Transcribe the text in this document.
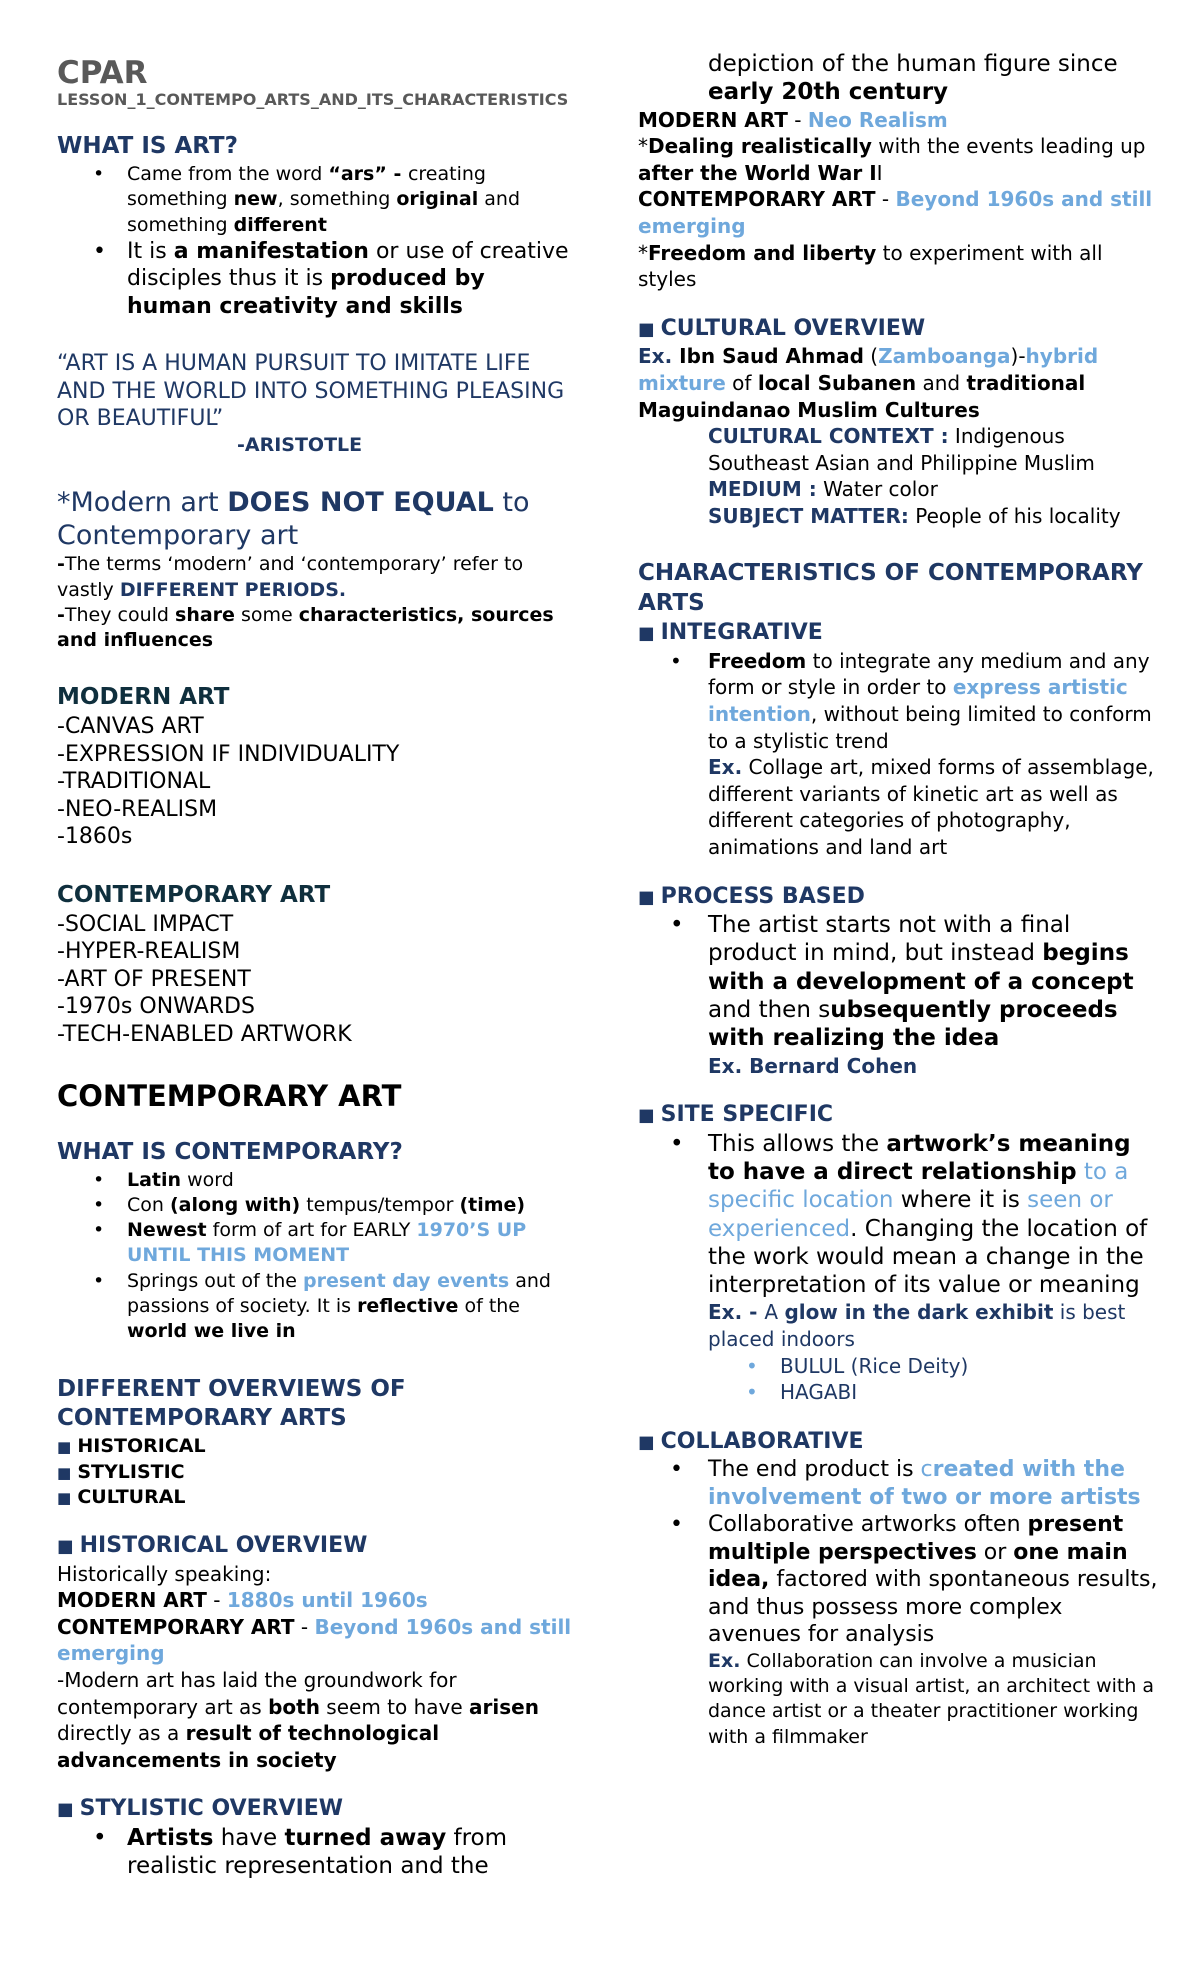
CPAR

LESSON_1_CONTEMPO_ARTS_AND_ITS_CHARACTERISTICS

WHAT IS ART?
• Came from the word “ars” - creating something new, something original and something different
• It is a manifestation or use of creative disciples thus it is produced by human creativity and skills

“ART IS A HUMAN PURSUIT TO IMITATE LIFE AND THE WORLD INTO SOMETHING PLEASING OR BEAUTIFUL”

-ARISTOTLE

*Modern art DOES NOT EQUAL to Contemporary art

-The terms ‘modern’ and ‘contemporary’ refer to vastly DIFFERENT PERIODS.

-They could share some characteristics, sources and influences

MODERN ART

-CANVAS ART

-EXPRESSION IF INDIVIDUALITY

-TRADITIONAL

-NEO-REALISM

-1860s

CONTEMPORARY ART

-SOCIAL IMPACT

-HYPER-REALISM

-ART OF PRESENT

-1970s ONWARDS

-TECH-ENABLED ARTWORK

CONTEMPORARY ART
WHAT IS CONTEMPORARY?
• Latin word
• Con (along with) tempus/tempor (time)
• Newest form of art for EARLY 1970’S UP UNTIL THIS MOMENT
• Springs out of the present day events and passions of society. It is reflective of the world we live in
DIFFERENT OVERVIEWS OF CONTEMPORARY ARTS

■ HISTORICAL

■ STYLISTIC

■ CULTURAL

■ HISTORICAL OVERVIEW

Historically speaking:

MODERN ART - 1880s until 1960s

CONTEMPORARY ART - Beyond 1960s and still emerging

-Modern art has laid the groundwork for contemporary art as both seem to have arisen directly as a result of technological advancements in society

■ STYLISTIC OVERVIEW
• Artists have turned away from realistic representation and the

depiction of the human figure since early 20th century

MODERN ART - Neo Realism

*Dealing realistically with the events leading up after the World War II

CONTEMPORARY ART - Beyond 1960s and still emerging

*Freedom and liberty to experiment with all styles

■ CULTURAL OVERVIEW

Ex. Ibn Saud Ahmad (Zamboanga)-hybrid mixture of local Subanen and traditional Maguindanao Muslim Cultures

CULTURAL CONTEXT : Indigenous Southeast Asian and Philippine Muslim

MEDIUM : Water color

SUBJECT MATTER: People of his locality

CHARACTERISTICS OF CONTEMPORARY ARTS
■ INTEGRATIVE
• Freedom to integrate any medium and any form or style in order to express artistic intention, without being limited to conform to a stylistic trend

Ex. Collage art, mixed forms of assemblage, different variants of kinetic art as well as different categories of photography, animations and land art

■ PROCESS BASED
• The artist starts not with a final product in mind, but instead begins with a development of a concept and then subsequently proceeds with realizing the idea

Ex. Bernard Cohen

■ SITE SPECIFIC
• This allows the artwork’s meaning to have a direct relationship to a specific location where it is seen or experienced. Changing the location of the work would mean a change in the interpretation of its value or meaning

Ex. - A glow in the dark exhibit is best placed indoors

• BULUL (Rice Deity)
• HAGABI
■ COLLABORATIVE
• The end product is created with the involvement of two or more artists
• Collaborative artworks often present multiple perspectives or one main idea, factored with spontaneous results, and thus possess more complex avenues for analysis

Ex. Collaboration can involve a musician working with a visual artist, an architect with a dance artist or a theater practitioner working with a filmmaker
